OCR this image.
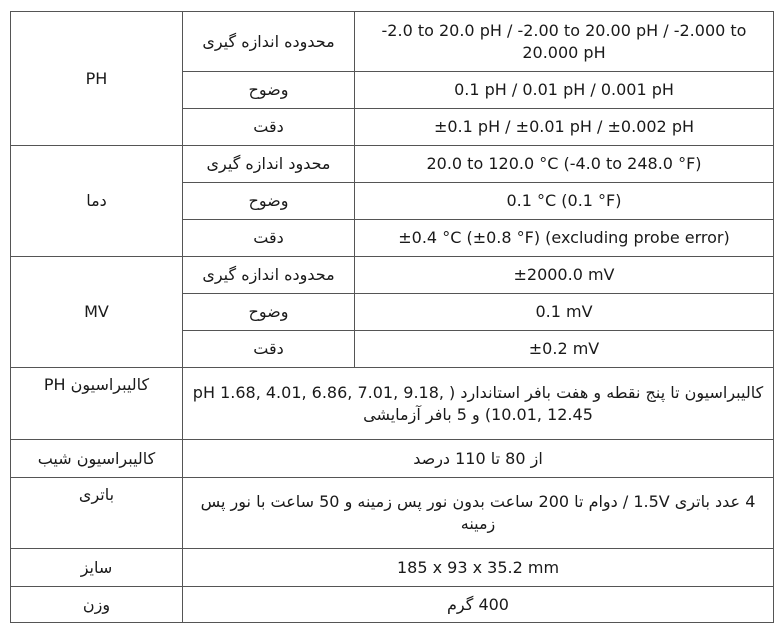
PH	محدوده اندازه گیری	-2.0 to 20.0 pH / -2.00 to 20.00 pH / -2.000 to 20.000 pH
	وضوح	0.1 pH / 0.01 pH / 0.001 pH
	دقت	±0.1 pH / ±0.01 pH / ±0.002 pH
دما	محدود اندازه گیری	20.0 to 120.0 °C (-4.0 to 248.0 °F)
	وضوح	0.1 °C (0.1 °F)
	دقت	±0.4 °C (±0.8 °F) (excluding probe error)
MV	محدوده اندازه گیری	±2000.0 mV
	وضوح	0.1 mV
	دقت	±0.2 mV
کالیبراسیون PH	کالیبراسیون تا پنج نقطه و هفت بافر استاندارد ( pH 1.68, 4.01, 6.86, 7.01, 9.18, 10.01, 12.45) و 5 بافر آزمایشی	
کالیبراسیون شیب	از 80 تا 110 درصد	
باتری	4 عدد باتری 1.5V / دوام تا 200 ساعت بدون نور پس زمینه و 50 ساعت با نور پس زمینه	
سایز	185 x 93 x 35.2 mm	
وزن	400 گرم	
